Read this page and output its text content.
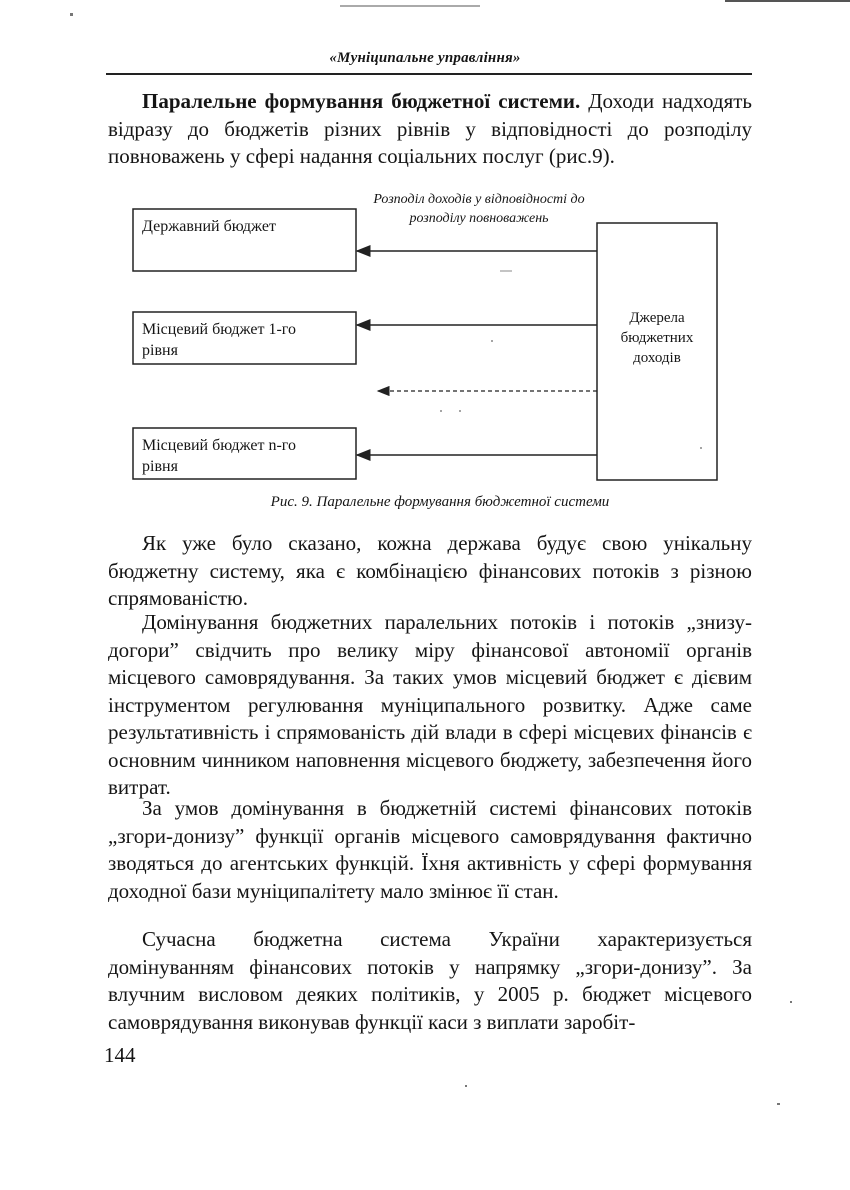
«Муніципальне управління»
Паралельне формування бюджетної системи. Доходи надходять відразу до бюджетів різних рівнів у відповідності до розподілу повноважень у сфері надання соціальних послуг (рис.9).
Розподіл доходів у відповідності до розподілу повноважень
Державний бюджет
Місцевий бюджет 1-го рівня
Місцевий бюджет n-го рівня
Джерела бюджетних доходів
Рис. 9. Паралельне формування бюджетної системи
Як уже було сказано, кожна держава будує свою унікальну бюджетну систему, яка є комбінацією фінансових потоків з різною спрямованістю.
Домінування бюджетних паралельних потоків і потоків „знизу-догори” свідчить про велику міру фінансової автономії органів місцевого самоврядування. За таких умов місцевий бюджет є дієвим інструментом регулювання муніципального розвитку. Адже саме результативність і спрямованість дій влади в сфері місцевих фінансів є основним чинником наповнення місцевого бюджету, забезпечення його витрат.
За умов домінування в бюджетній системі фінансових потоків „згори-донизу” функції органів місцевого самоврядування фактично зводяться до агентських функцій. Їхня активність у сфері формування доходної бази муніципалітету мало змінює її стан.
Сучасна бюджетна система України характеризується домінуванням фінансових потоків у напрямку „згори-донизу”. За влучним висловом деяких політиків, у 2005 р. бюджет місцевого самоврядування виконував функції каси з виплати заробіт-
144
